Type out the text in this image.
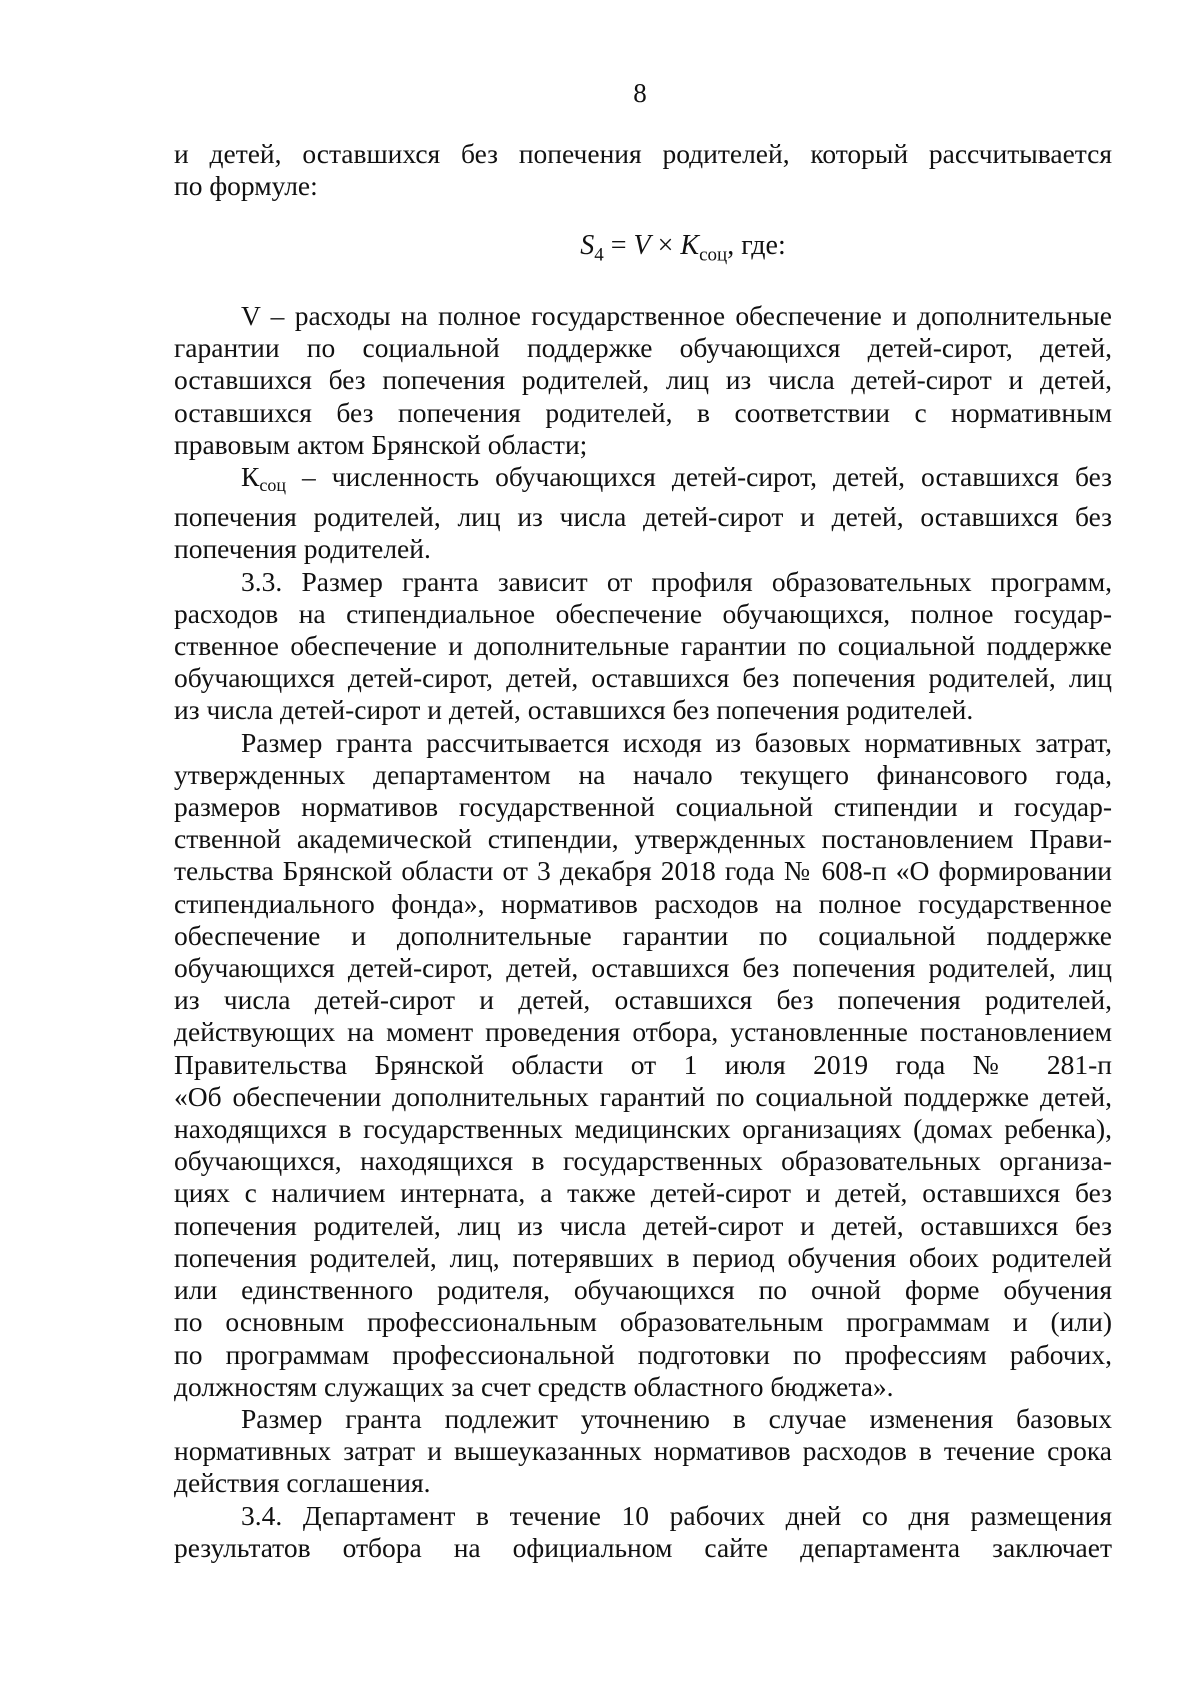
8
и детей, оставшихся без попечения родителей, который рассчитывается
по формуле:
$S_4 = V \times K_{соц}$, где:
V – расходы на полное государственное обеспечение и дополнительные
гарантии по социальной поддержке обучающихся детей-сирот, детей,
оставшихся без попечения родителей, лиц из числа детей-сирот и детей,
оставшихся без попечения родителей, в соответствии с нормативным
правовым актом Брянской области;
Ксоц – численность обучающихся детей-сирот, детей, оставшихся без
попечения родителей, лиц из числа детей-сирот и детей, оставшихся без
попечения родителей.
3.3. Размер гранта зависит от профиля образовательных программ,
расходов на стипендиальное обеспечение обучающихся, полное государ-
ственное обеспечение и дополнительные гарантии по социальной поддержке
обучающихся детей-сирот, детей, оставшихся без попечения родителей, лиц
из числа детей-сирот и детей, оставшихся без попечения родителей.
Размер гранта рассчитывается исходя из базовых нормативных затрат,
утвержденных департаментом на начало текущего финансового года,
размеров нормативов государственной социальной стипендии и государ-
ственной академической стипендии, утвержденных постановлением Прави-
тельства Брянской области от 3 декабря 2018 года № 608-п «О формировании
стипендиального фонда», нормативов расходов на полное государственное
обеспечение и дополнительные гарантии по социальной поддержке
обучающихся детей-сирот, детей, оставшихся без попечения родителей, лиц
из числа детей-сирот и детей, оставшихся без попечения родителей,
действующих на момент проведения отбора, установленные постановлением
Правительства Брянской области от 1 июля 2019 года № 281-п
«Об обеспечении дополнительных гарантий по социальной поддержке детей,
находящихся в государственных медицинских организациях (домах ребенка),
обучающихся, находящихся в государственных образовательных организа-
циях с наличием интерната, а также детей-сирот и детей, оставшихся без
попечения родителей, лиц из числа детей-сирот и детей, оставшихся без
попечения родителей, лиц, потерявших в период обучения обоих родителей
или единственного родителя, обучающихся по очной форме обучения
по основным профессиональным образовательным программам и (или)
по программам профессиональной подготовки по профессиям рабочих,
должностям служащих за счет средств областного бюджета».
Размер гранта подлежит уточнению в случае изменения базовых
нормативных затрат и вышеуказанных нормативов расходов в течение срока
действия соглашения.
3.4. Департамент в течение 10 рабочих дней со дня размещения
результатов отбора на официальном сайте департамента заключает
